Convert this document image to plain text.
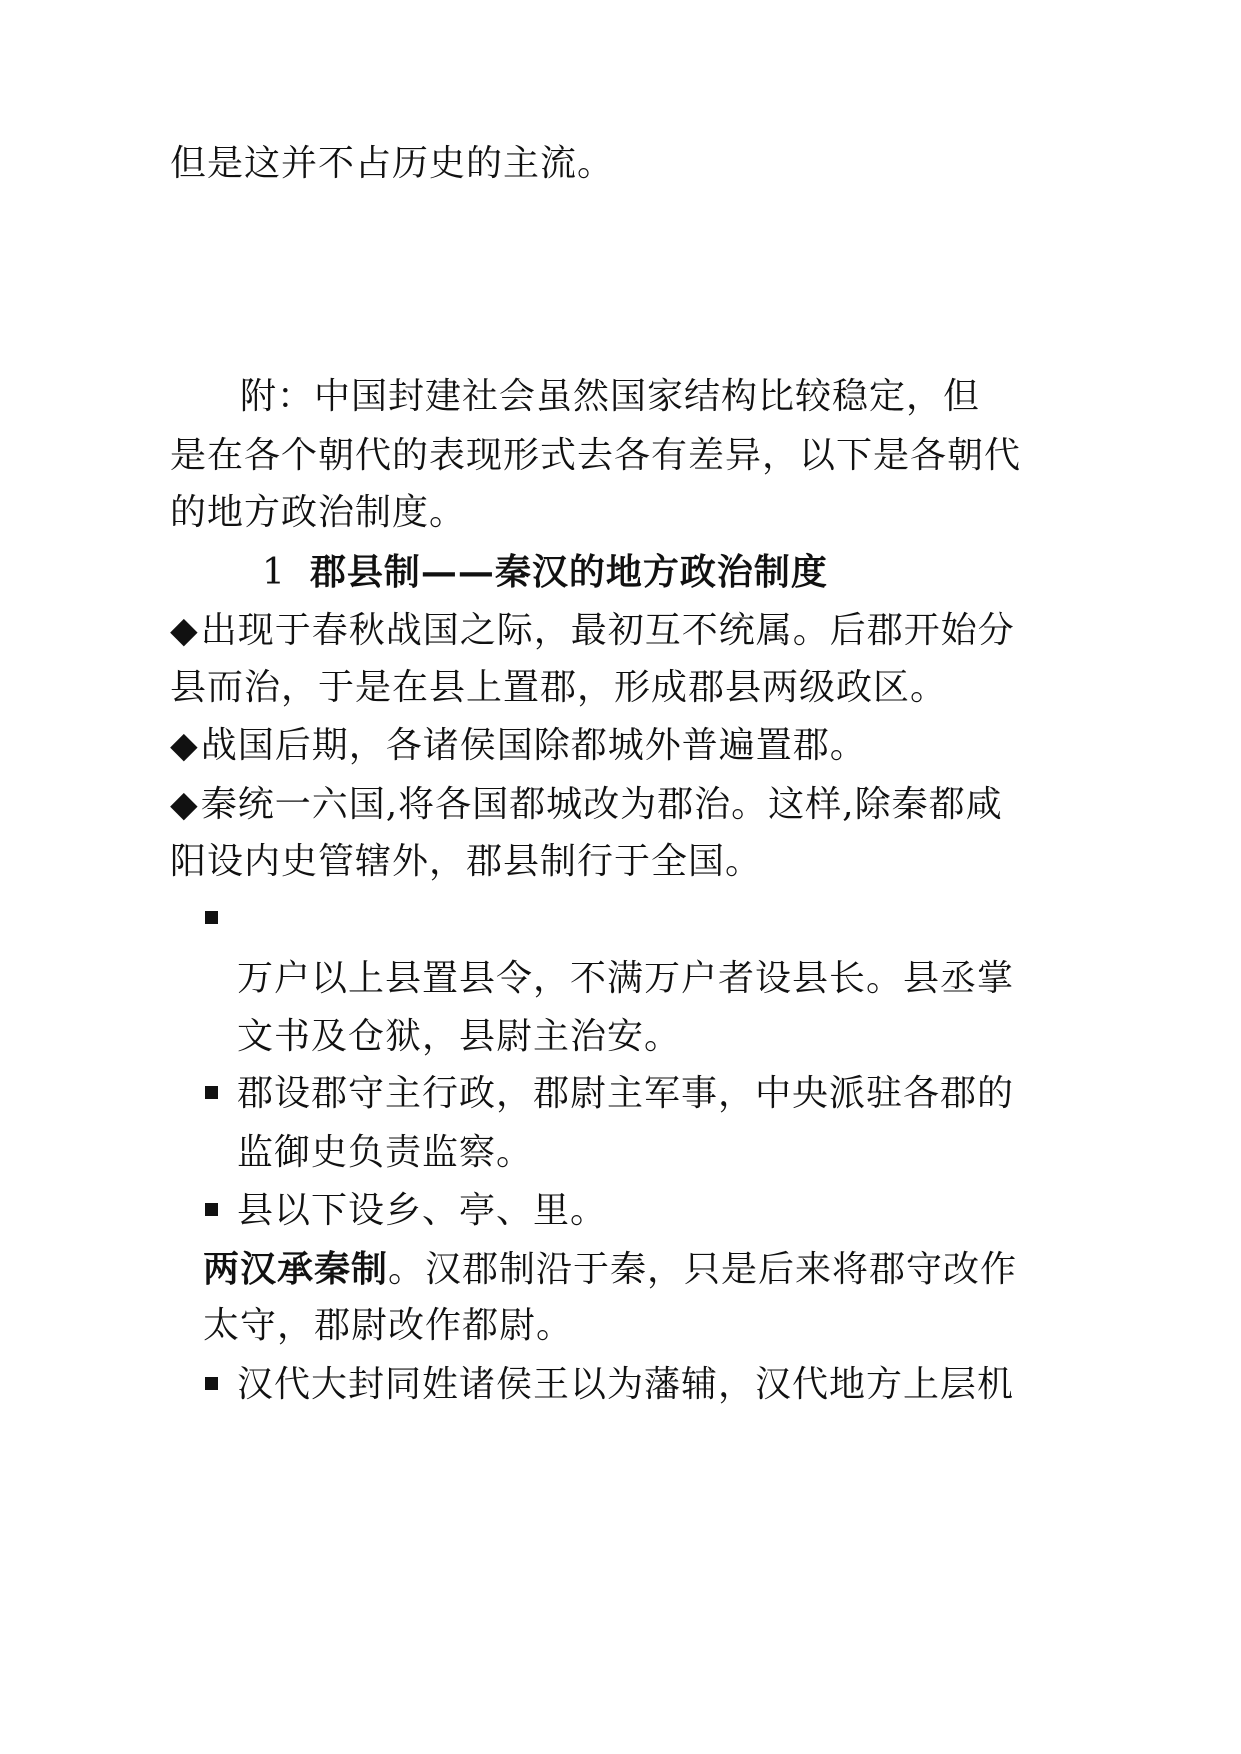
但是这并不占历史的主流。
附：中国封建社会虽然国家结构比较稳定，但
是在各个朝代的表现形式去各有差异，以下是各朝代
的地方政治制度。
1 郡县制——秦汉的地方政治制度
◆出现于春秋战国之际，最初互不统属。后郡开始分
县而治，于是在县上置郡，形成郡县两级政区。
◆战国后期，各诸侯国除都城外普遍置郡。
◆秦统一六国,将各国都城改为郡治。这样,除秦都咸
阳设内史管辖外，郡县制行于全国。
万户以上县置县令，不满万户者设县长。县丞掌
文书及仓狱，县尉主治安。
郡设郡守主行政，郡尉主军事，中央派驻各郡的
监御史负责监察。
县以下设乡、亭、里。
两汉承秦制。汉郡制沿于秦，只是后来将郡守改作
太守，郡尉改作都尉。
汉代大封同姓诸侯王以为藩辅，汉代地方上层机
